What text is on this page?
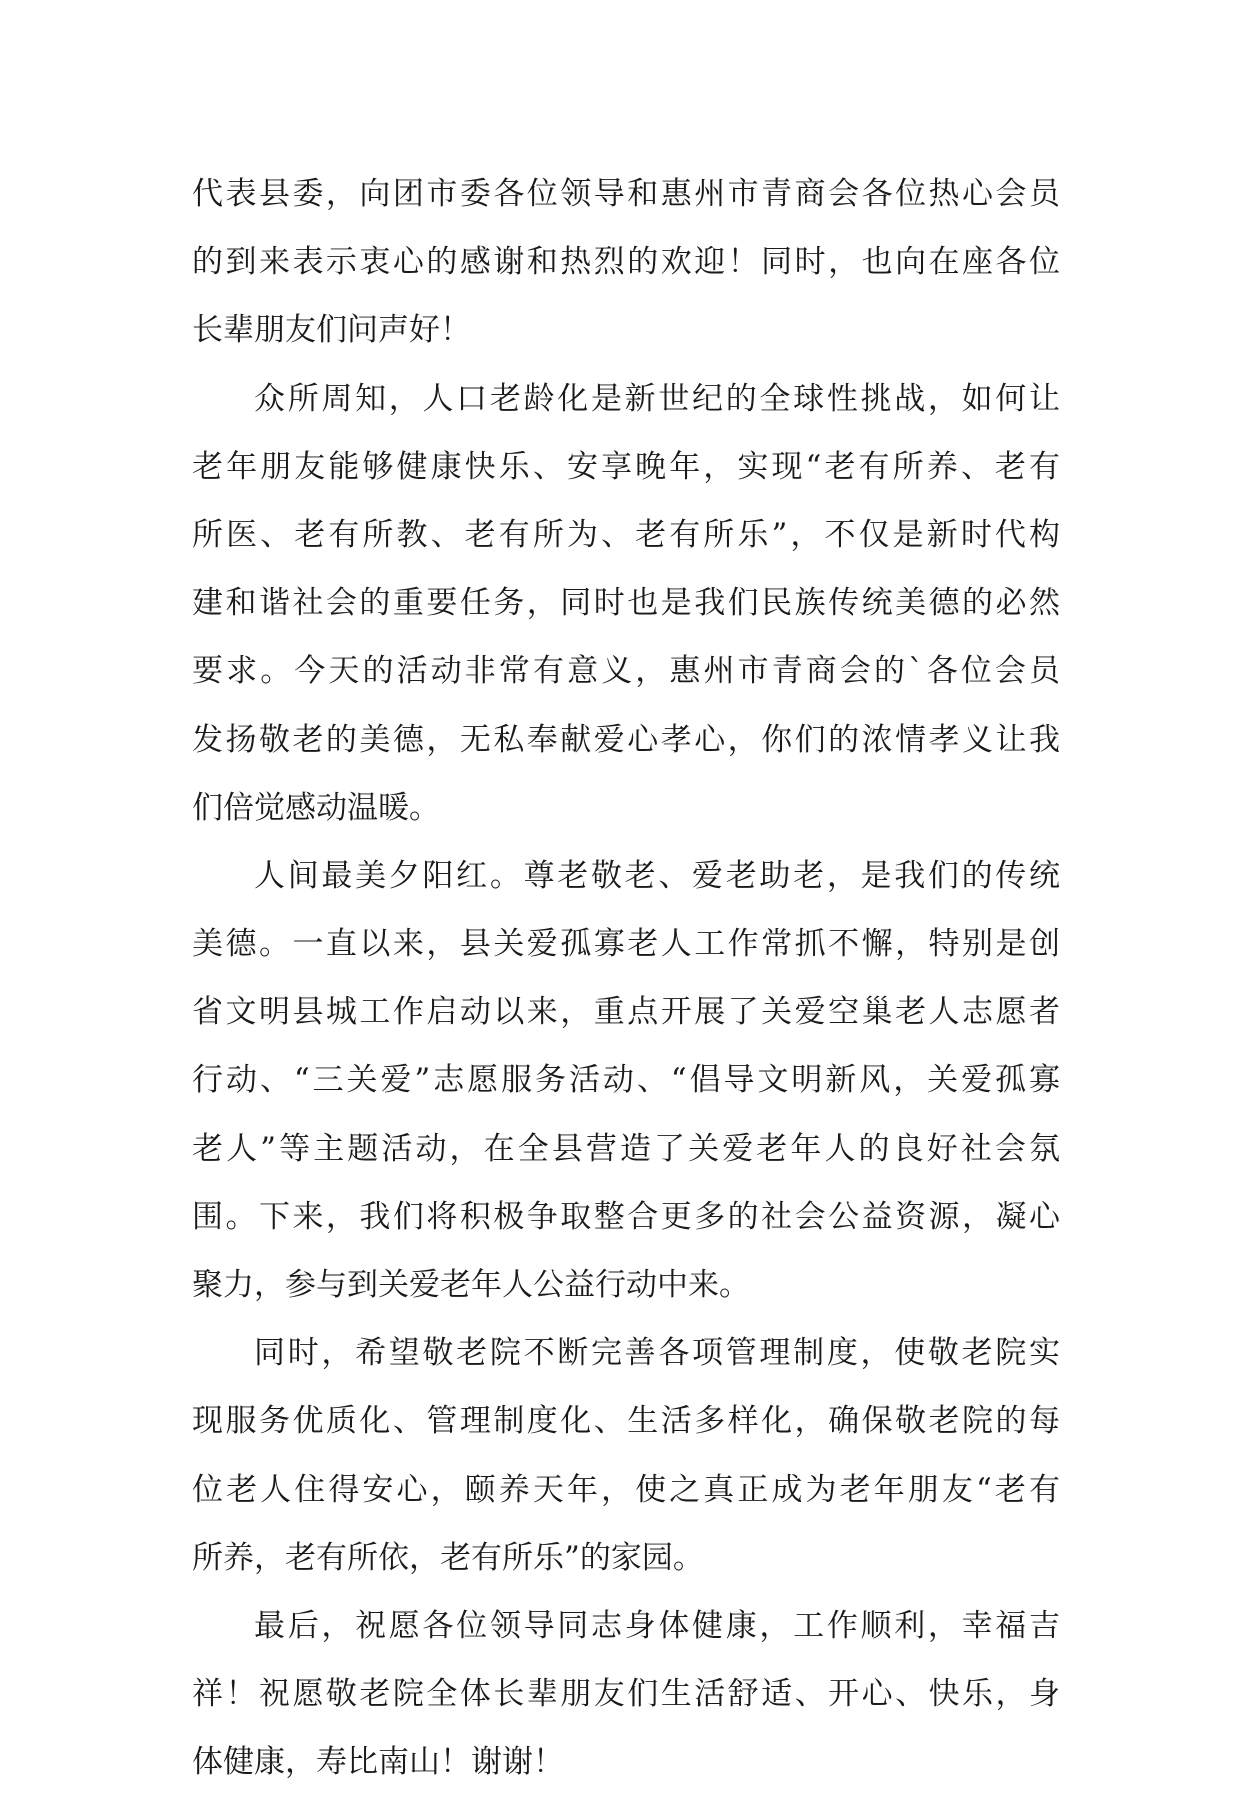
代表县委，向团市委各位领导和惠州市青商会各位热心会员
的到来表示衷心的感谢和热烈的欢迎！同时，也向在座各位
长辈朋友们问声好！
众所周知，人口老龄化是新世纪的全球性挑战，如何让
老年朋友能够健康快乐、安享晚年，实现“老有所养、老有
所医、老有所教、老有所为、老有所乐”，不仅是新时代构
建和谐社会的重要任务，同时也是我们民族传统美德的必然
要求。今天的活动非常有意义，惠州市青商会的`各位会员
发扬敬老的美德，无私奉献爱心孝心，你们的浓情孝义让我
们倍觉感动温暖。
人间最美夕阳红。尊老敬老、爱老助老，是我们的传统
美德。一直以来，县关爱孤寡老人工作常抓不懈，特别是创
省文明县城工作启动以来，重点开展了关爱空巢老人志愿者
行动、“三关爱”志愿服务活动、“倡导文明新风，关爱孤寡
老人”等主题活动，在全县营造了关爱老年人的良好社会氛
围。下来，我们将积极争取整合更多的社会公益资源，凝心
聚力，参与到关爱老年人公益行动中来。
同时，希望敬老院不断完善各项管理制度，使敬老院实
现服务优质化、管理制度化、生活多样化，确保敬老院的每
位老人住得安心，颐养天年，使之真正成为老年朋友“老有
所养，老有所依，老有所乐”的家园。
最后，祝愿各位领导同志身体健康，工作顺利，幸福吉
祥！祝愿敬老院全体长辈朋友们生活舒适、开心、快乐，身
体健康，寿比南山！谢谢！
